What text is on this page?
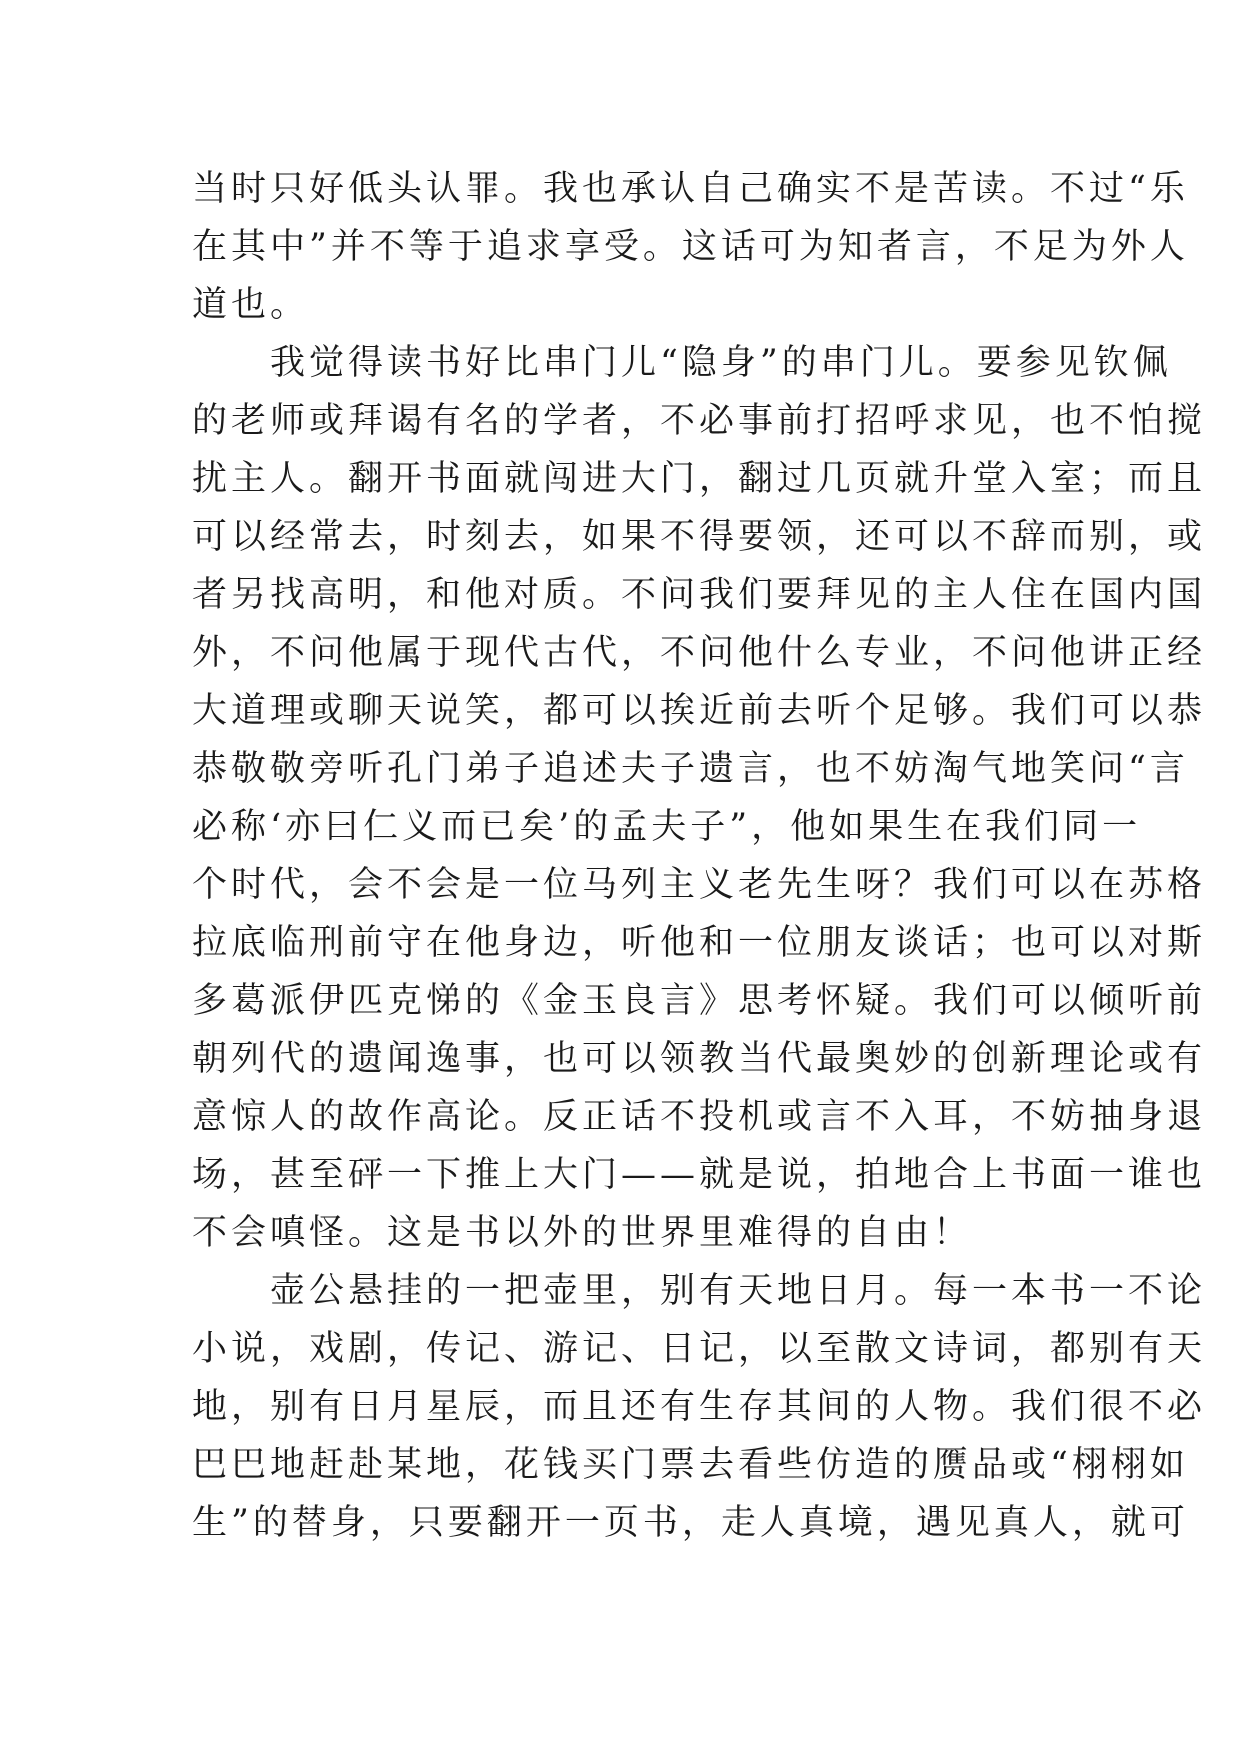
当时只好低头认罪。我也承认自己确实不是苦读。不过“乐
在其中”并不等于追求享受。这话可为知者言，不足为外人
道也。
我觉得读书好比串门儿“隐身”的串门儿。要参见钦佩
的老师或拜谒有名的学者，不必事前打招呼求见，也不怕搅
扰主人。翻开书面就闯进大门，翻过几页就升堂入室；而且
可以经常去，时刻去，如果不得要领，还可以不辞而别，或
者另找高明，和他对质。不问我们要拜见的主人住在国内国
外，不问他属于现代古代，不问他什么专业，不问他讲正经
大道理或聊天说笑，都可以挨近前去听个足够。我们可以恭
恭敬敬旁听孔门弟子追述夫子遗言，也不妨淘气地笑问“言
必称‘亦曰仁义而已矣’的孟夫子”，他如果生在我们同一
个时代，会不会是一位马列主义老先生呀？我们可以在苏格
拉底临刑前守在他身边，听他和一位朋友谈话；也可以对斯
多葛派伊匹克悌的《金玉良言》思考怀疑。我们可以倾听前
朝列代的遗闻逸事，也可以领教当代最奥妙的创新理论或有
意惊人的故作高论。反正话不投机或言不入耳，不妨抽身退
场，甚至砰一下推上大门——就是说，拍地合上书面一谁也
不会嗔怪。这是书以外的世界里难得的自由！
壶公悬挂的一把壶里，别有天地日月。每一本书一不论
小说，戏剧，传记、游记、日记，以至散文诗词，都别有天
地，别有日月星辰，而且还有生存其间的人物。我们很不必
巴巴地赶赴某地，花钱买门票去看些仿造的赝品或“栩栩如
生”的替身，只要翻开一页书，走人真境，遇见真人，就可
